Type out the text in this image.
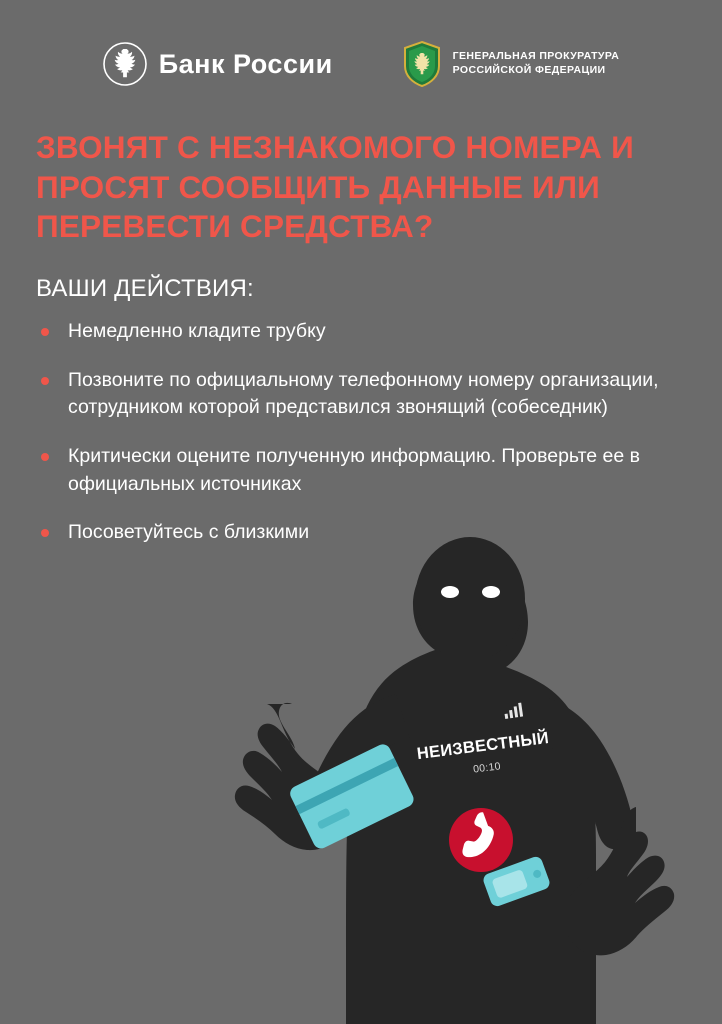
Банк России	ГЕНЕРАЛЬНАЯ ПРОКУРАТУРА
РОССИЙСКОЙ ФЕДЕРАЦИИ
ЗВОНЯТ С НЕЗНАКОМОГО НОМЕРА И ПРОСЯТ СООБЩИТЬ ДАННЫЕ ИЛИ ПЕРЕВЕСТИ СРЕДСТВА?
ВАШИ ДЕЙСТВИЯ:
Немедленно кладите трубку
Позвоните по официальному телефонному номеру организации, сотрудником которой представился звонящий (собеседник)
Критически оцените полученную информацию. Проверьте ее в официальных источниках
Посоветуйтесь с близкими
НЕИЗВЕСТНЫЙ
00:10
